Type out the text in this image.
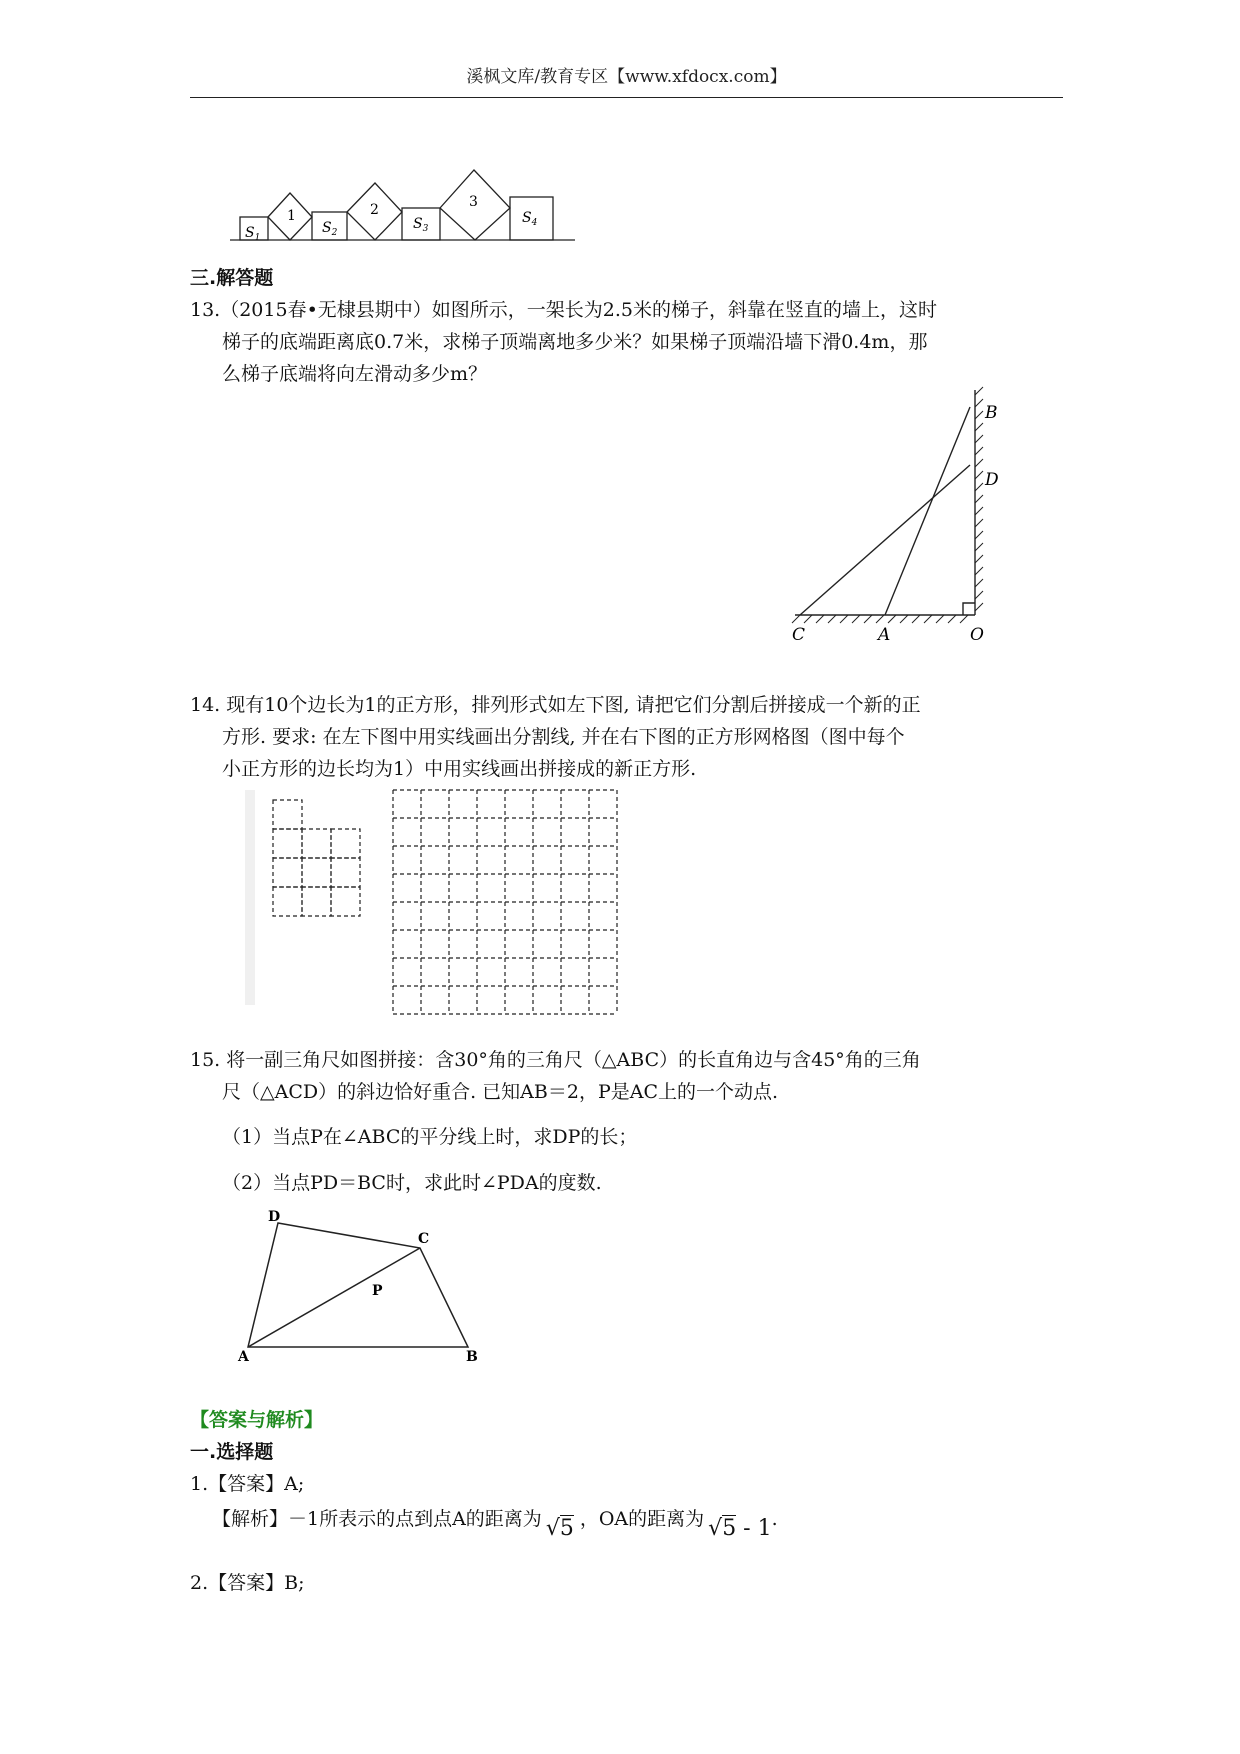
溪枫文库/教育专区【www.xfdocx.com】
1	2	3
$S_1$
$S_2$
$S_3$
$S_4$
三.解答题
13.（2015春•无棣县期中）如图所示，一架长为2.5米的梯子，斜靠在竖直的墙上，这时
梯子的底端距离底0.7米，求梯子顶端离地多少米？如果梯子顶端沿墙下滑0.4m，那
么梯子底端将向左滑动多少m？
B
D
C	A	O
14. 现有10个边长为1的正方形，排列形式如左下图, 请把它们分割后拼接成一个新的正
方形. 要求: 在左下图中用实线画出分割线, 并在右下图的正方形网格图（图中每个
小正方形的边长均为1）中用实线画出拼接成的新正方形.
15. 将一副三角尺如图拼接：含30°角的三角尺（△ABC）的长直角边与含45°角的三角
尺（△ACD）的斜边恰好重合. 已知AB＝2，P是AC上的一个动点.
（1）当点P在∠ABC的平分线上时，求DP的长；
（2）当点PD＝BC时，求此时∠PDA的度数.
D
C
P
A	B
【答案与解析】
一.选择题
1.【答案】A;
【解析】－1所表示的点到点A的距离为 √5 ，OA的距离为 √5 - 1.
2.【答案】B;
